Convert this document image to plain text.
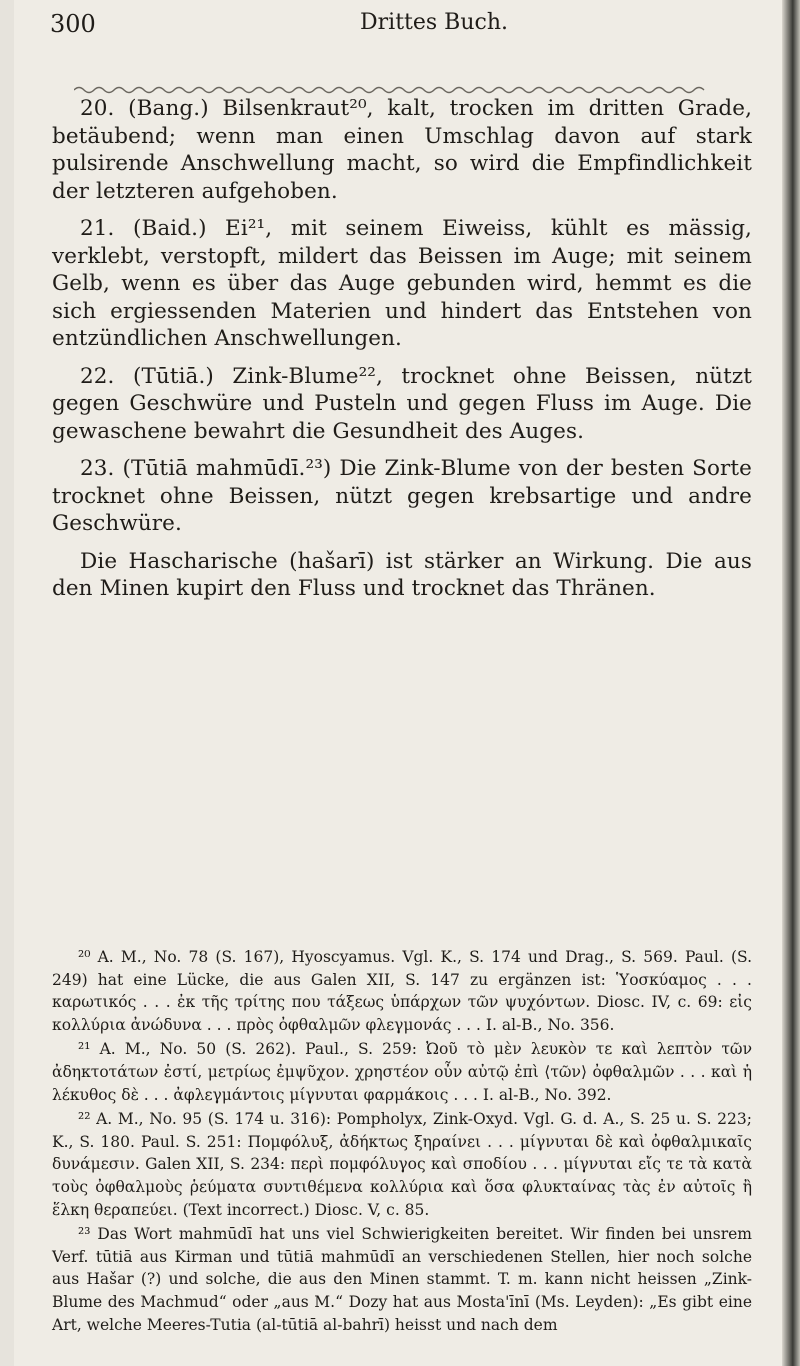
300	Drittes Buch.

20. (Bang.) Bilsenkraut²⁰, kalt, trocken im dritten Grade, betäubend; wenn man einen Umschlag davon auf stark pulsirende Anschwellung macht, so wird die Empfindlichkeit der letzteren aufgehoben.

21. (Baid.) Ei²¹, mit seinem Eiweiss, kühlt es mässig, verklebt, verstopft, mildert das Beissen im Auge; mit seinem Gelb, wenn es über das Auge gebunden wird, hemmt es die sich ergiessenden Materien und hindert das Entstehen von entzündlichen Anschwellungen.

22. (Tūtiā.) Zink-Blume²², trocknet ohne Beissen, nützt gegen Geschwüre und Pusteln und gegen Fluss im Auge. Die gewaschene bewahrt die Gesundheit des Auges.

23. (Tūtiā mahmūdī.²³) Die Zink-Blume von der besten Sorte trocknet ohne Beissen, nützt gegen krebsartige und andre Geschwüre.

Die Hascharische (hašarī) ist stärker an Wirkung. Die aus den Minen kupirt den Fluss und trocknet das Thränen.

²⁰ A. M., No. 78 (S. 167), Hyoscyamus. Vgl. K., S. 174 und Drag., S. 569. Paul. (S. 249) hat eine Lücke, die aus Galen XII, S. 147 zu ergänzen ist: Ὑοσκύαμος . . . καρωτικός . . . ἐκ τῆς τρίτης που τάξεως ὑπάρχων τῶν ψυχόντων. Diosc. IV, c. 69: εἰς κολλύρια ἀνώδυνα . . . πρὸς ὀφθαλμῶν φλεγμονάς . . . I. al-B., No. 356.

²¹ A. M., No. 50 (S. 262). Paul., S. 259: Ὠοῦ τὸ μὲν λευκὸν τε καὶ λεπτὸν τῶν ἀδηκτοτάτων ἐστί, μετρίως ἐμψῦχον. χρηστέον οὖν αὐτῷ ἐπὶ ⟨τῶν⟩ ὀφθαλμῶν . . . καὶ ἡ λέκυθος δὲ . . . ἀφλεγμάντοις μίγνυται φαρμάκοις . . . I. al-B., No. 392.

²² A. M., No. 95 (S. 174 u. 316): Pompholyx, Zink-Oxyd. Vgl. G. d. A., S. 25 u. S. 223; K., S. 180. Paul. S. 251: Πομφόλυξ, ἀδήκτως ξηραίνει . . . μίγνυται δὲ καὶ ὀφθαλμικαῖς δυνάμεσιν. Galen XII, S. 234: περὶ πομφόλυγος καὶ σποδίου . . . μίγνυται εἴς τε τὰ κατὰ τοὺς ὀφθαλμοὺς ῥεύματα συντιθέμενα κολλύρια καὶ ὅσα φλυκταίνας τὰς ἐν αὐτοῖς ἢ ἕλκη θεραπεύει. (Text incorrect.) Diosc. V, c. 85.

²³ Das Wort mahmūdī hat uns viel Schwierigkeiten bereitet. Wir finden bei unsrem Verf. tūtiā aus Kirman und tūtiā mahmūdī an verschiedenen Stellen, hier noch solche aus Hašar (?) und solche, die aus den Minen stammt. T. m. kann nicht heissen „Zink-Blume des Machmud“ oder „aus M.“ Dozy hat aus Mosta'īnī (Ms. Leyden): „Es gibt eine Art, welche Meeres-Tutia (al-tūtiā al-bahrī) heisst und nach dem
